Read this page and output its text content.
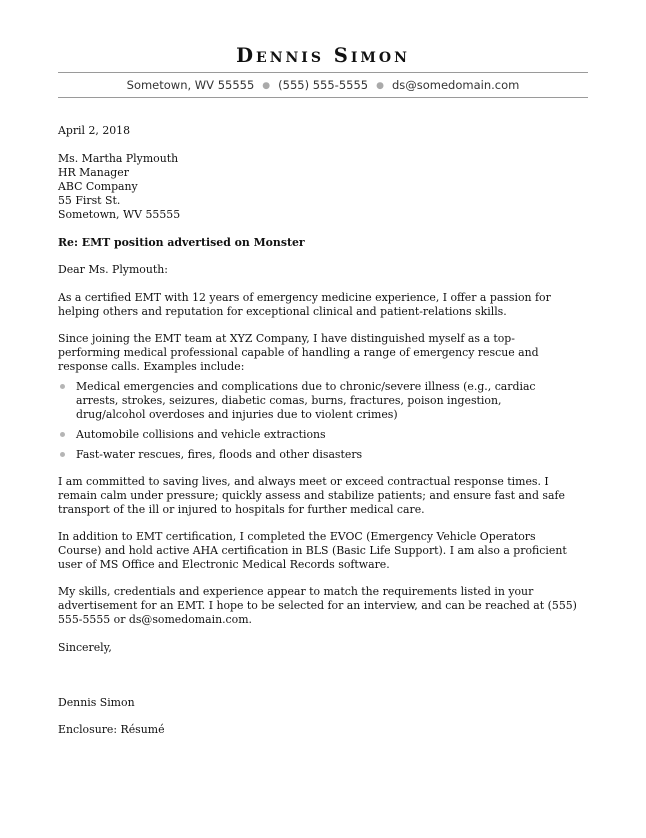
Dennis Simon
Sometown, WV 55555 ● (555) 555-5555 ● ds@somedomain.com
April 2, 2018
Ms. Martha Plymouth
HR Manager
ABC Company
55 First St.
Sometown, WV 55555
Re: EMT position advertised on Monster
Dear Ms. Plymouth:
As a certified EMT with 12 years of emergency medicine experience, I offer a passion for
helping others and reputation for exceptional clinical and patient-relations skills.
Since joining the EMT team at XYZ Company, I have distinguished myself as a top-
performing medical professional capable of handling a range of emergency rescue and
response calls. Examples include:
Medical emergencies and complications due to chronic/severe illness (e.g., cardiac
arrests, strokes, seizures, diabetic comas, burns, fractures, poison ingestion,
drug/alcohol overdoses and injuries due to violent crimes)
Automobile collisions and vehicle extractions
Fast-water rescues, fires, floods and other disasters
I am committed to saving lives, and always meet or exceed contractual response times. I
remain calm under pressure; quickly assess and stabilize patients; and ensure fast and safe
transport of the ill or injured to hospitals for further medical care.
In addition to EMT certification, I completed the EVOC (Emergency Vehicle Operators
Course) and hold active AHA certification in BLS (Basic Life Support). I am also a proficient
user of MS Office and Electronic Medical Records software.
My skills, credentials and experience appear to match the requirements listed in your
advertisement for an EMT. I hope to be selected for an interview, and can be reached at (555)
555-5555 or ds@somedomain.com.
Sincerely,
Dennis Simon
Enclosure: Résumé
